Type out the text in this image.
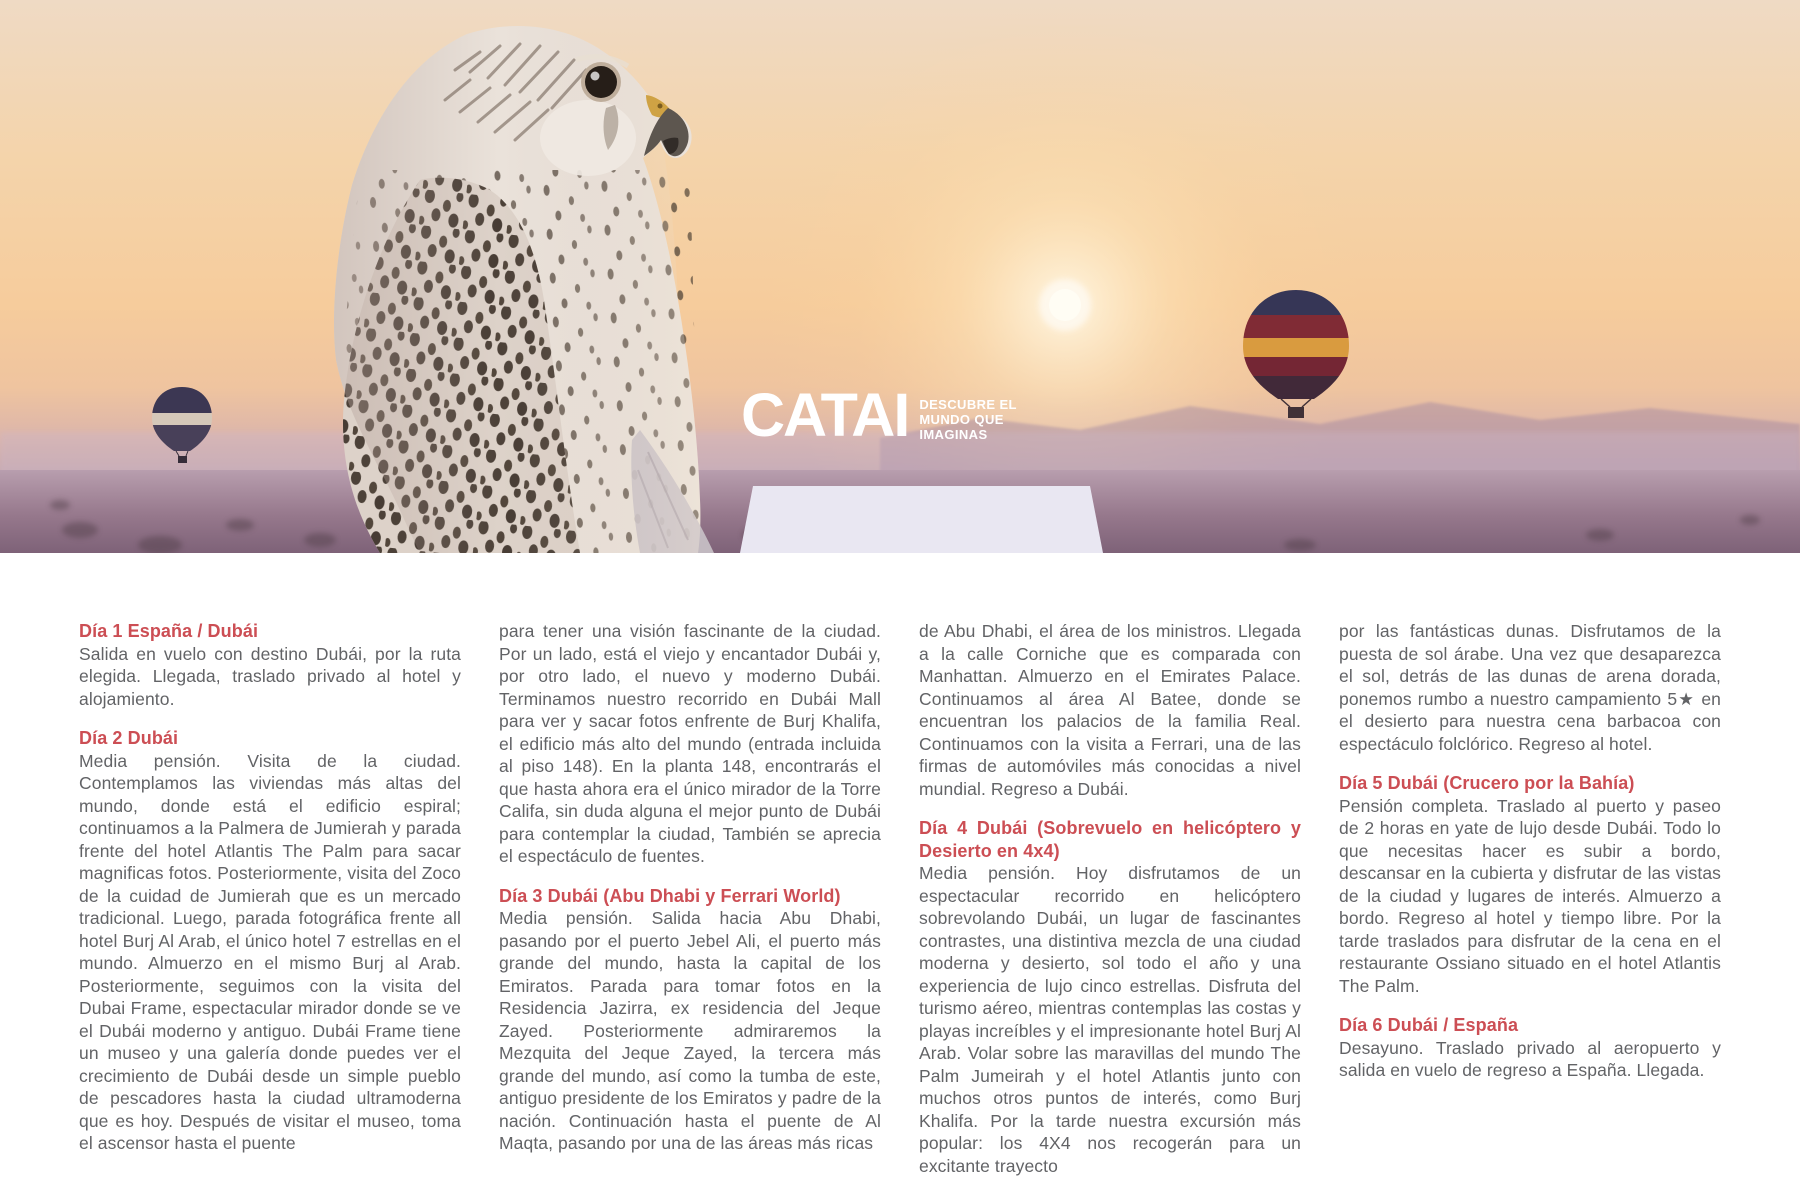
CATAI DESCUBRE EL
MUNDO QUE
IMAGINAS
Día 1 España / Dubái

Salida en vuelo con destino Dubái, por la ruta elegida. Llegada, traslado privado al hotel y alojamiento.

Día 2 Dubái

Media pensión. Visita de la ciudad. Contemplamos las viviendas más altas del mundo, donde está el edificio espiral; continuamos a la Palmera de Jumierah y parada frente del hotel Atlantis The Palm para sacar magnificas fotos. Posteriormente, visita del Zoco de la cuidad de Jumierah que es un mercado tradicional. Luego, parada fotográfica frente all hotel Burj Al Arab, el único hotel 7 estrellas en el mundo. Almuerzo en el mismo Burj al Arab. Posteriormente, seguimos con la visita del Dubai Frame, espectacular mirador donde se ve el Dubái moderno y antiguo. Dubái Frame tiene un museo y una galería donde puedes ver el crecimiento de Dubái desde un simple pueblo de pescadores hasta la ciudad ultramoderna que es hoy. Después de visitar el museo, toma el ascensor hasta el puente

para tener una visión fascinante de la ciudad. Por un lado, está el viejo y encantador Dubái y, por otro lado, el nuevo y moderno Dubái. Terminamos nuestro recorrido en Dubái Mall para ver y sacar fotos enfrente de Burj Khalifa, el edificio más alto del mundo (entrada incluida al piso 148). En la planta 148, encontrarás el que hasta ahora era el único mirador de la Torre Califa, sin duda alguna el mejor punto de Dubái para contemplar la ciudad, También se aprecia el espectáculo de fuentes.

Día 3 Dubái (Abu Dhabi y Ferrari World)

Media pensión. Salida hacia Abu Dhabi, pasando por el puerto Jebel Ali, el puerto más grande del mundo, hasta la capital de los Emiratos. Parada para tomar fotos en la Residencia Jazirra, ex residencia del Jeque Zayed. Posteriormente admiraremos la Mezquita del Jeque Zayed, la tercera más grande del mundo, así como la tumba de este, antiguo presidente de los Emiratos y padre de la nación. Continuación hasta el puente de Al Maqta, pasando por una de las áreas más ricas

de Abu Dhabi, el área de los ministros. Llegada a la calle Corniche que es comparada con Manhattan. Almuerzo en el Emirates Palace. Continuamos al área Al Batee, donde se encuentran los palacios de la familia Real. Continuamos con la visita a Ferrari, una de las firmas de automóviles más conocidas a nivel mundial. Regreso a Dubái.

Día 4 Dubái (Sobrevuelo en helicóptero y Desierto en 4x4)

Media pensión. Hoy disfrutamos de un espectacular recorrido en helicóptero sobrevolando Dubái, un lugar de fascinantes contrastes, una distintiva mezcla de una ciudad moderna y desierto, sol todo el año y una experiencia de lujo cinco estrellas. Disfruta del turismo aéreo, mientras contemplas las costas y playas increíbles y el impresionante hotel Burj Al Arab. Volar sobre las maravillas del mundo The Palm Jumeirah y el hotel Atlantis junto con muchos otros puntos de interés, como Burj Khalifa. Por la tarde nuestra excursión más popular: los 4X4 nos recogerán para un excitante trayecto

por las fantásticas dunas. Disfrutamos de la puesta de sol árabe. Una vez que desaparezca el sol, detrás de las dunas de arena dorada, ponemos rumbo a nuestro campamiento 5★ en el desierto para nuestra cena barbacoa con espectáculo folclórico. Regreso al hotel.

Día 5 Dubái (Crucero por la Bahía)

Pensión completa. Traslado al puerto y paseo de 2 horas en yate de lujo desde Dubái. Todo lo que necesitas hacer es subir a bordo, descansar en la cubierta y disfrutar de las vistas de la ciudad y lugares de interés. Almuerzo a bordo. Regreso al hotel y tiempo libre. Por la tarde traslados para disfrutar de la cena en el restaurante Ossiano situado en el hotel Atlantis The Palm.

Día 6 Dubái / España

Desayuno. Traslado privado al aeropuerto y salida en vuelo de regreso a España. Llegada.
